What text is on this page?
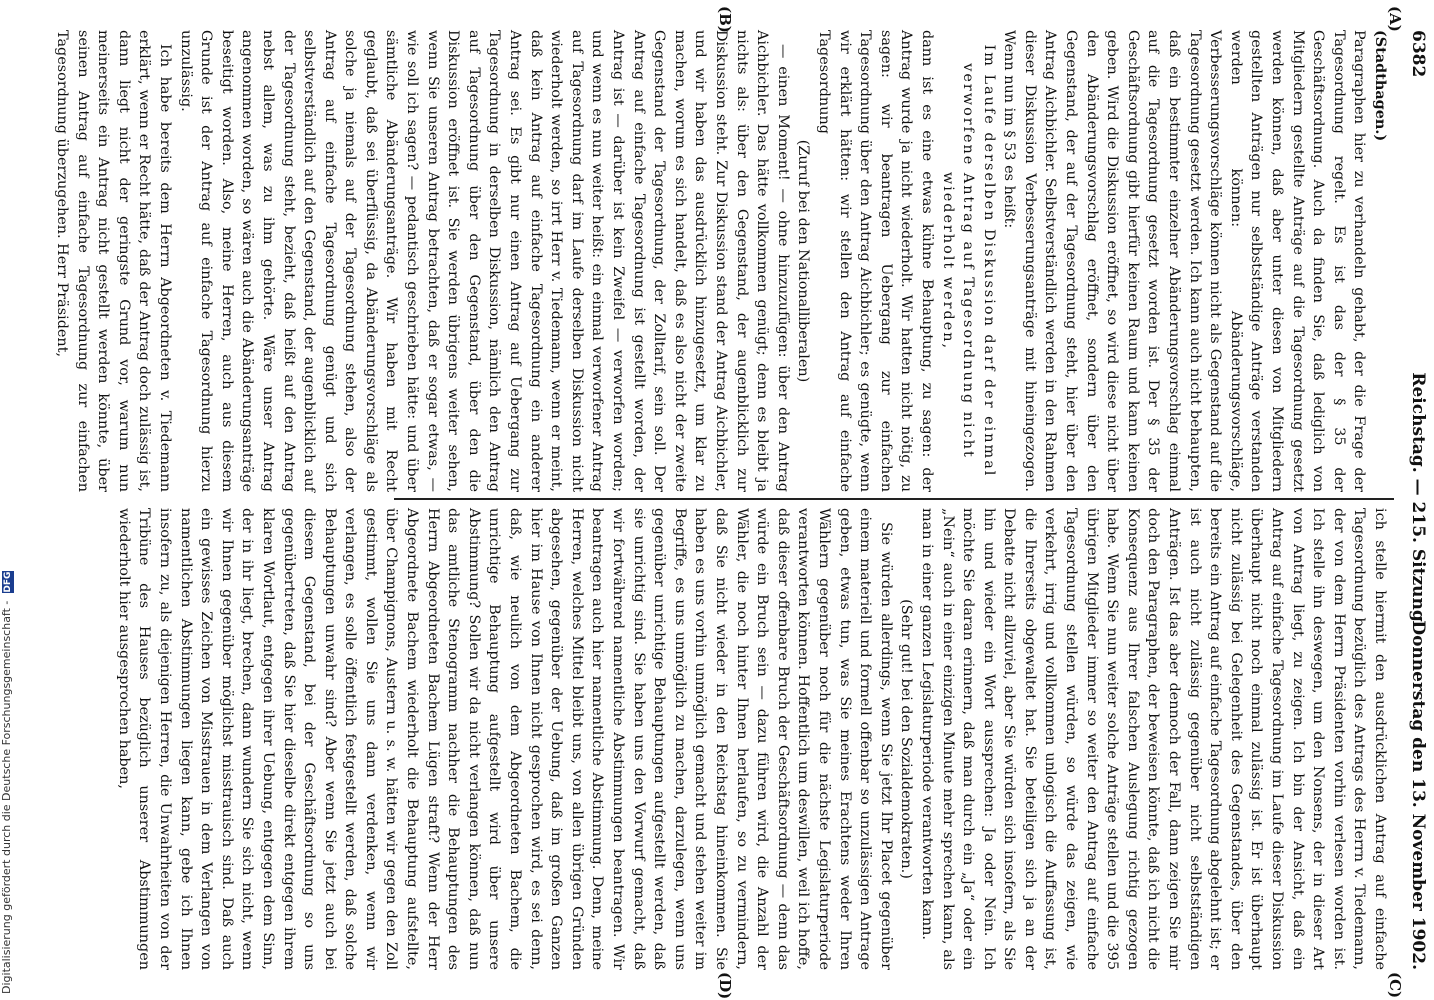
6382
Reichstag. — 215. Sitzung.
Donnerstag den 13. November 1902.
(A)
(B)
(C)
(D)

(Stadthagen.)

Paragraphen hier zu verhandeln gehabt, der die Frage der Tagesordnung regelt. Es ist das der § 35 der Geschäftsordnung. Auch da finden Sie, daß lediglich von Mitgliedern gestellte Anträge auf die Tagesordnung gesetzt werden können, daß aber unter diesen von Mitgliedern gestellten Anträgen nur selbstständige Anträge verstanden werden können: Abänderungsvorschläge, Verbesserungsvorschläge können nicht als Gegenstand auf die Tagesordnung gesetzt werden. Ich kann auch nicht behaupten, daß ein bestimmter einzelner Abänderungsvorschlag einmal auf die Tagesordnung gesetzt worden ist. Der § 35 der Geschäftsordnung gibt hierfür keinen Raum und kann keinen geben. Wird die Diskussion eröffnet, so wird diese nicht über den Abänderungsvorschlag eröffnet, sondern über den Gegenstand, der auf der Tagesordnung steht, hier über den Antrag Aichbichler. Selbstverständlich werden in den Rahmen dieser Diskussion Verbesserungsanträge mit hineingezogen. Wenn nun im § 53 es heißt:

Im Laufe derselben Diskussion darf der einmal verworfene Antrag auf Tagesordnung nicht wiederholt werden,

dann ist es eine etwas kühne Behauptung, zu sagen: der Antrag wurde ja nicht wiederholt. Wir hatten nicht nötig, zu sagen: wir beantragen Uebergang zur einfachen Tagesordnung über den Antrag Aichbichler; es genügte, wenn wir erklärt hätten: wir stellen den Antrag auf einfache Tagesordnung

(Zuruf bei den Nationalliberalen)

— einen Moment! — ohne hinzuzufügen: über den Antrag Aichbichler. Das hätte vollkommen genügt; denn es bleibt ja nichts als: über den Gegenstand, der augenblicklich zur Diskussion steht. Zur Diskussion stand der Antrag Aichbichler, und wir haben das ausdrücklich hinzugesetzt, um klar zu machen, worum es sich handelt, daß es also nicht der zweite Gegenstand der Tagesordnung, der Zolltarif, sein soll. Der Antrag auf einfache Tagesordnung ist gestellt worden, der Antrag ist — darüber ist kein Zweifel — verworfen worden; und wenn es nun weiter heißt: ein einmal verworfener Antrag auf Tagesordnung darf im Laufe derselben Diskussion nicht wiederholt werden, so irrt Herr v. Tiedemann, wenn er meint, daß kein Antrag auf einfache Tagesordnung ein anderer Antrag sei. Es gibt nur einen Antrag auf Uebergang zur Tagesordnung in derselben Diskussion, nämlich den Antrag auf Tagesordnung über den Gegenstand, über den die Diskussion eröffnet ist. Sie werden übrigens weiter sehen, wenn Sie unseren Antrag betrachten, daß er sogar etwas, — wie soll ich sagen? — pedantisch geschrieben hätte: und über sämtliche Abänderungsanträge. Wir haben mit Recht geglaubt, daß sei überflüssig, da Abänderungsvorschläge als solche ja niemals auf der Tagesordnung stehen, also der Antrag auf einfache Tagesordnung genügt und sich selbstverständlich auf den Gegenstand, der augenblicklich auf der Tagesordnung steht, bezieht, daß heißt auf den Antrag nebst allem, was zu ihm gehörte. Wäre unser Antrag angenommen worden, so wären auch die Abänderungsanträge beseitigt worden. Also, meine Herren, auch aus diesem Grunde ist der Antrag auf einfache Tagesordnung hierzu unzulässig.

Ich habe bereits dem Herrn Abgeordneten v. Tiedemann erklärt, wenn er Recht hätte, daß der Antrag doch zulässig ist, dann liegt nicht der geringste Grund vor, warum nun meinerseits ein Antrag nicht gestellt werden könnte, über seinen Antrag auf einfache Tagesordnung zur einfachen Tagesordnung überzugehen. Herr Präsident,

ich stelle hiermit den ausdrücklichen Antrag auf einfache Tagesordnung bezüglich des Antrags des Herrn v. Tiedemann, der von dem Herrn Präsidenten vorhin verlesen worden ist. Ich stelle ihn deswegen, um den Nonsens, der in dieser Art von Antrag liegt, zu zeigen. Ich bin der Ansicht, daß ein Antrag auf einfache Tagesordnung im Laufe dieser Diskussion überhaupt nicht noch einmal zulässig ist. Er ist überhaupt nicht zulässig bei Gelegenheit des Gegenstandes, über den bereits ein Antrag auf einfache Tagesordnung abgelehnt ist; er ist auch nicht zulässig gegenüber nicht selbstständigen Anträgen. Ist das aber dennoch der Fall, dann zeigen Sie mir doch den Paragraphen, der beweisen könnte, daß ich nicht die Konsequenz aus Ihrer falschen Auslegung richtig gezogen habe. Wenn Sie nun weiter solche Anträge stellen und die 395 übrigen Mitglieder immer so weiter den Antrag auf einfache Tagesordnung stellen würden, so würde das zeigen, wie verkehrt, irrig und vollkommen unlogisch die Auffassung ist, die Ihrerseits obgewaltet hat. Sie beteiligen sich ja an der Debatte nicht allzuviel, aber Sie würden sich insofern, als Sie hin und wieder ein Wort aussprechen: Ja oder Nein. Ich möchte Sie daran erinnern, daß man durch ein „Ja“ oder ein „Nein“ auch in einer einzigen Minute mehr sprechen kann, als man in einer ganzen Legislaturperiode verantworten kann.

(Sehr gut! bei den Sozialdemokraten.)

Sie würden allerdings, wenn Sie jetzt Ihr Placet gegenüber einem materiell und formell offenbar so unzulässigen Antrage geben, etwas tun, was Sie meines Erachtens weder Ihren Wählern gegenüber noch für die nächste Legislaturperiode verantworten können. Hoffentlich um deswillen, weil ich hoffe, daß dieser offenbare Bruch der Geschäftsordnung — denn das würde ein Bruch sein — dazu führen wird, die Anzahl der Wähler, die noch hinter Ihnen herlaufen, so zu vermindern, daß Sie nicht wieder in den Reichstag hineinkommen. Sie haben es uns vorhin unmöglich gemacht und stehen weiter im Begriffe, es uns unmöglich zu machen, darzulegen, wenn uns gegenüber unrichtige Behauptungen aufgestellt werden, daß sie unrichtig sind. Sie haben uns den Vorwurf gemacht, daß wir fortwährend namentliche Abstimmungen beantragen. Wir beantragen auch hier namentliche Abstimmung. Denn, meine Herren, welches Mittel bleibt uns, von allen übrigen Gründen abgesehen, gegenüber der Uebung, daß im großen Ganzen hier im Hause von Ihnen nicht gesprochen wird, es sei denn, daß, wie neulich von dem Abgeordneten Bachem, die unrichtige Behauptung aufgestellt wird über unsere Abstimmung? Sollen wir da nicht verlangen können, daß nun das amtliche Stenogramm nachher die Behauptungen des Herrn Abgeordneten Bachem Lügen straft? Wenn der Herr Abgeordnete Bachem wiederholt die Behauptung aufstellte, über Champignons, Austern u. s. w. hätten wir gegen den Zoll gestimmt, wollen Sie uns dann verdenken, wenn wir verlangen, es solle öffentlich festgestellt werden, daß solche Behauptungen unwahr sind? Aber wenn Sie jetzt auch bei diesem Gegenstand, bei der Geschäftsordnung so uns gegenübertreten, daß Sie hier dieselbe direkt entgegen ihrem klaren Wortlaut, entgegen ihrer Uebung, entgegen dem Sinn, der in ihr liegt, brechen, dann wundern Sie sich nicht, wenn wir Ihnen gegenüber möglichst misstrauisch sind. Daß auch ein gewisses Zeichen von Misstrauen in dem Verlangen von namentlichen Abstimmungen liegen kann, gebe ich Ihnen insofern zu, als diejenigen Herren, die Unwahrheiten von der Tribüne des Hauses bezüglich unserer Abstimmungen wiederholt hier ausgesprochen haben,

Digitalisierung gefördert durch die Deutsche Forschungsgemeinschaft - DFG
